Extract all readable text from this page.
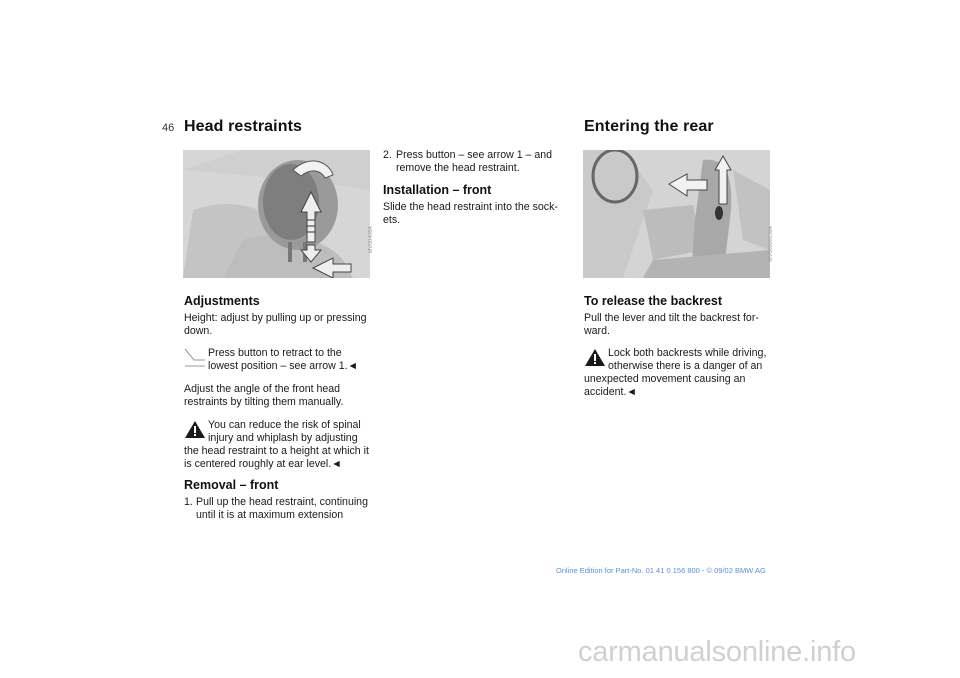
46 Head restraints
MV00408A
Adjustments
Height: adjust by pulling up or pressing
down.
Press button to retract to the
lowest position – see arrow 1.◄
Adjust the angle of the front head
restraints by tilting them manually.
You can reduce the risk of spinal
injury and whiplash by adjusting
the head restraint to a height at which it
is centered roughly at ear level.◄
Removal – front
1. Pull up the head restraint, continuing
until it is at maximum extension
2. Press button – see arrow 1 – and
remove the head restraint.
Installation – front
Slide the head restraint into the sock-
ets.
Entering the rear
MV00009CMA
To release the backrest
Pull the lever and tilt the backrest for-
ward.
Lock both backrests while driving,
otherwise there is a danger of an
unexpected movement causing an
accident.◄
Online Edition for Part-No. 01 41 0 156 800 - © 09/02 BMW AG
carmanualsonline.info
